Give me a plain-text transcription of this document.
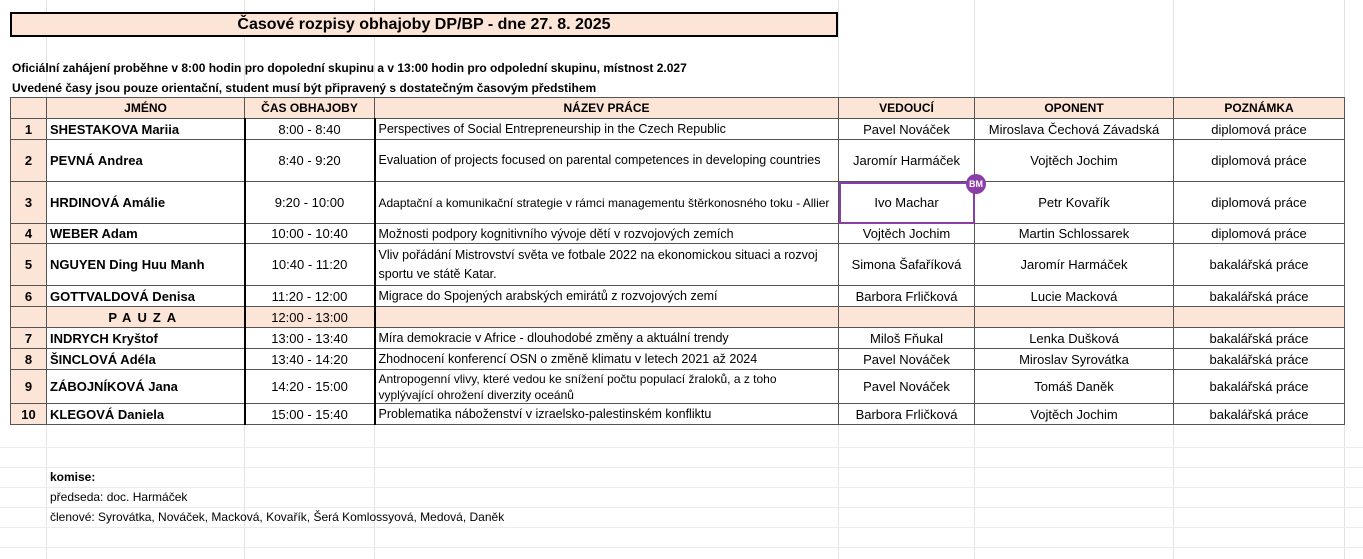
Časové rozpisy obhajoby DP/BP - dne 27. 8. 2025
Oficiální zahájení proběhne v 8:00 hodin pro dopolední skupinu a v 13:00 hodin pro odpolední skupinu, místnost 2.027
Uvedené časy jsou pouze orientační, student musí být připravený s dostatečným časovým předstihem
	JMÉNO	ČAS OBHAJOBY	NÁZEV PRÁCE	VEDOUCÍ	OPONENT	POZNÁMKA
1	SHESTAKOVA Mariia	8:00 - 8:40	Perspectives of Social Entrepreneurship in the Czech Republic	Pavel Nováček	Miroslava Čechová Závadská	diplomová práce
2	PEVNÁ Andrea	8:40 - 9:20	Evaluation of projects focused on parental competences in developing countries	Jaromír Harmáček	Vojtěch Jochim	diplomová práce
3	HRDINOVÁ Amálie	9:20 - 10:00	Adaptační a komunikační strategie v rámci managementu štěrkonosného toku - Allier	Ivo Machar	Petr Kovařík	diplomová práce
4	WEBER Adam	10:00 - 10:40	Možnosti podpory kognitivního vývoje dětí v rozvojových zemích	Vojtěch Jochim	Martin Schlossarek	diplomová práce
5	NGUYEN Ding Huu Manh	10:40 - 11:20	Vliv pořádání Mistrovství světa ve fotbale 2022 na ekonomickou situaci a rozvoj sportu ve státě Katar.	Simona Šafaříková	Jaromír Harmáček	bakalářská práce
6	GOTTVALDOVÁ Denisa	11:20 - 12:00	Migrace do Spojených arabských emirátů z rozvojových zemí	Barbora Frličková	Lucie Macková	bakalářská práce
	PAUZA	12:00 - 13:00				
7	INDRYCH Kryštof	13:00 - 13:40	Míra demokracie v Africe - dlouhodobé změny a aktuální trendy	Miloš Fňukal	Lenka Dušková	bakalářská práce
8	ŠINCLOVÁ Adéla	13:40 - 14:20	Zhodnocení konferencí OSN o změně klimatu v letech 2021 až 2024	Pavel Nováček	Miroslav Syrovátka	bakalářská práce
9	ZÁBOJNÍKOVÁ Jana	14:20 - 15:00	Antropogenní vlivy, které vedou ke snížení počtu populací žraloků, a z toho vyplývající ohrožení diverzity oceánů	Pavel Nováček	Tomáš Daněk	bakalářská práce
10	KLEGOVÁ Daniela	15:00 - 15:40	Problematika náboženství v izraelsko-palestinském konfliktu	Barbora Frličková	Vojtěch Jochim	bakalářská práce
BM
komise:
předseda: doc. Harmáček
členové: Syrovátka, Nováček, Macková, Kovařík, Šerá Komlossyová, Medová, Daněk
